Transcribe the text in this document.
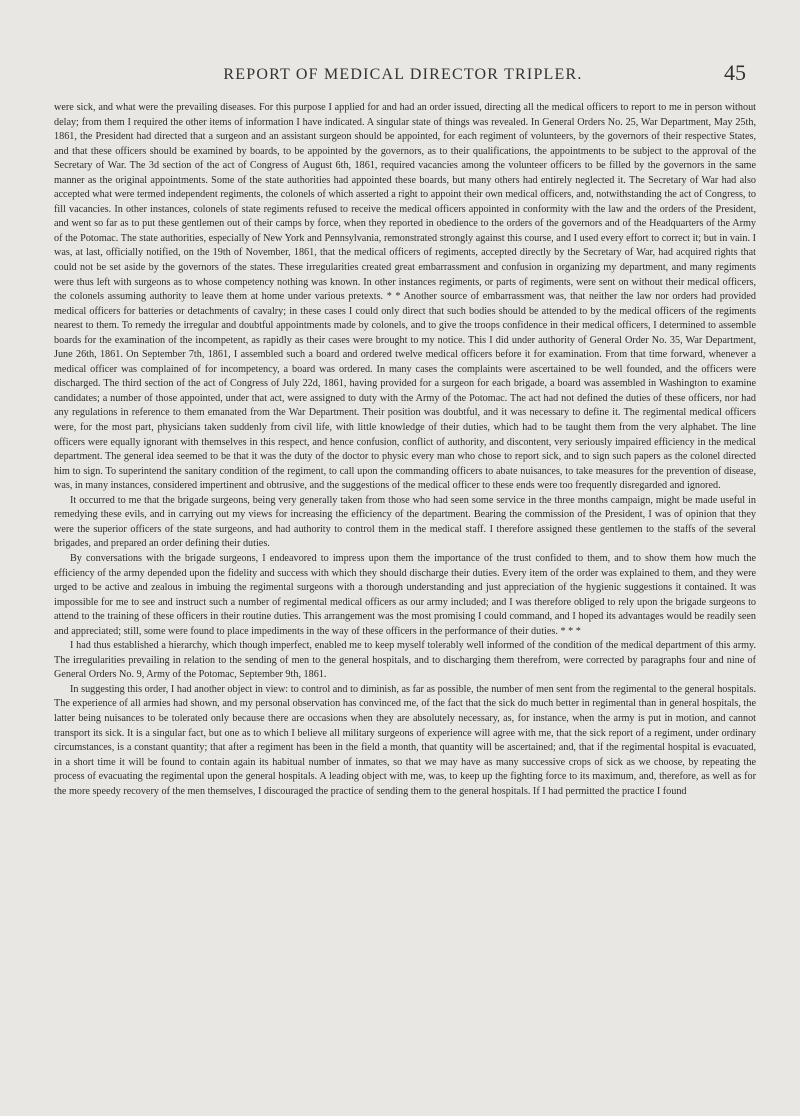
REPORT OF MEDICAL DIRECTOR TRIPLER.	45

were sick, and what were the prevailing diseases. For this purpose I applied for and had an order issued, directing all the medical officers to report to me in person without delay; from them I required the other items of information I have indicated. A singular state of things was revealed. In General Orders No. 25, War Department, May 25th, 1861, the President had directed that a surgeon and an assistant surgeon should be appointed, for each regiment of volunteers, by the governors of their respective States, and that these officers should be examined by boards, to be appointed by the governors, as to their qualifications, the appointments to be subject to the approval of the Secretary of War. The 3d section of the act of Congress of August 6th, 1861, required vacancies among the volunteer officers to be filled by the governors in the same manner as the original appointments. Some of the state authorities had appointed these boards, but many others had entirely neglected it. The Secretary of War had also accepted what were termed independent regiments, the colonels of which asserted a right to appoint their own medical officers, and, notwithstanding the act of Congress, to fill vacancies. In other instances, colonels of state regiments refused to receive the medical officers appointed in conformity with the law and the orders of the President, and went so far as to put these gentlemen out of their camps by force, when they reported in obedience to the orders of the governors and of the Headquarters of the Army of the Potomac. The state authorities, especially of New York and Pennsylvania, remonstrated strongly against this course, and I used every effort to correct it; but in vain. I was, at last, officially notified, on the 19th of November, 1861, that the medical officers of regiments, accepted directly by the Secretary of War, had acquired rights that could not be set aside by the governors of the states. These irregularities created great embarrassment and confusion in organizing my department, and many regiments were thus left with surgeons as to whose competency nothing was known. In other instances regiments, or parts of regiments, were sent on without their medical officers, the colonels assuming authority to leave them at home under various pretexts. * * Another source of embarrassment was, that neither the law nor orders had provided medical officers for batteries or detachments of cavalry; in these cases I could only direct that such bodies should be attended to by the medical officers of the regiments nearest to them. To remedy the irregular and doubtful appointments made by colonels, and to give the troops confidence in their medical officers, I determined to assemble boards for the examination of the incompetent, as rapidly as their cases were brought to my notice. This I did under authority of General Order No. 35, War Department, June 26th, 1861. On September 7th, 1861, I assembled such a board and ordered twelve medical officers before it for examination. From that time forward, whenever a medical officer was complained of for incompetency, a board was ordered. In many cases the complaints were ascertained to be well founded, and the officers were discharged. The third section of the act of Congress of July 22d, 1861, having provided for a surgeon for each brigade, a board was assembled in Washington to examine candidates; a number of those appointed, under that act, were assigned to duty with the Army of the Potomac. The act had not defined the duties of these officers, nor had any regulations in reference to them emanated from the War Department. Their position was doubtful, and it was necessary to define it. The regimental medical officers were, for the most part, physicians taken suddenly from civil life, with little knowledge of their duties, which had to be taught them from the very alphabet. The line officers were equally ignorant with themselves in this respect, and hence confusion, conflict of authority, and discontent, very seriously impaired efficiency in the medical department. The general idea seemed to be that it was the duty of the doctor to physic every man who chose to report sick, and to sign such papers as the colonel directed him to sign. To superintend the sanitary condition of the regiment, to call upon the commanding officers to abate nuisances, to take measures for the prevention of disease, was, in many instances, considered impertinent and obtrusive, and the suggestions of the medical officer to these ends were too frequently disregarded and ignored.

It occurred to me that the brigade surgeons, being very generally taken from those who had seen some service in the three months campaign, might be made useful in remedying these evils, and in carrying out my views for increasing the efficiency of the department. Bearing the commission of the President, I was of opinion that they were the superior officers of the state surgeons, and had authority to control them in the medical staff. I therefore assigned these gentlemen to the staffs of the several brigades, and prepared an order defining their duties.

By conversations with the brigade surgeons, I endeavored to impress upon them the importance of the trust confided to them, and to show them how much the efficiency of the army depended upon the fidelity and success with which they should discharge their duties. Every item of the order was explained to them, and they were urged to be active and zealous in imbuing the regimental surgeons with a thorough understanding and just appreciation of the hygienic suggestions it contained. It was impossible for me to see and instruct such a number of regimental medical officers as our army included; and I was therefore obliged to rely upon the brigade surgeons to attend to the training of these officers in their routine duties. This arrangement was the most promising I could command, and I hoped its advantages would be readily seen and appreciated; still, some were found to place impediments in the way of these officers in the performance of their duties. * * *

I had thus established a hierarchy, which though imperfect, enabled me to keep myself tolerably well informed of the condition of the medical department of this army. The irregularities prevailing in relation to the sending of men to the general hospitals, and to discharging them therefrom, were corrected by paragraphs four and nine of General Orders No. 9, Army of the Potomac, September 9th, 1861.

In suggesting this order, I had another object in view: to control and to diminish, as far as possible, the number of men sent from the regimental to the general hospitals. The experience of all armies had shown, and my personal observation has convinced me, of the fact that the sick do much better in regimental than in general hospitals, the latter being nuisances to be tolerated only because there are occasions when they are absolutely necessary, as, for instance, when the army is put in motion, and cannot transport its sick. It is a singular fact, but one as to which I believe all military surgeons of experience will agree with me, that the sick report of a regiment, under ordinary circumstances, is a constant quantity; that after a regiment has been in the field a month, that quantity will be ascertained; and, that if the regimental hospital is evacuated, in a short time it will be found to contain again its habitual number of inmates, so that we may have as many successive crops of sick as we choose, by repeating the process of evacuating the regimental upon the general hospitals. A leading object with me, was, to keep up the fighting force to its maximum, and, therefore, as well as for the more speedy recovery of the men themselves, I discouraged the practice of sending them to the general hospitals. If I had permitted the practice I found
